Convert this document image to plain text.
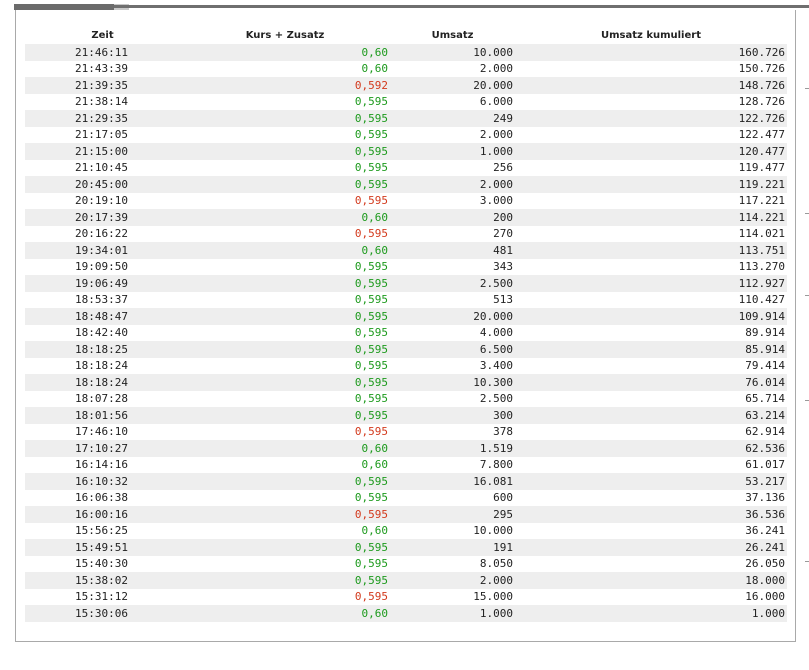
Zeit	Kurs + Zusatz	Umsatz	Umsatz kumuliert
21:46:11	0,60	10.000	160.726
21:43:39	0,60	2.000	150.726
21:39:35	0,592	20.000	148.726
21:38:14	0,595	6.000	128.726
21:29:35	0,595	249	122.726
21:17:05	0,595	2.000	122.477
21:15:00	0,595	1.000	120.477
21:10:45	0,595	256	119.477
20:45:00	0,595	2.000	119.221
20:19:10	0,595	3.000	117.221
20:17:39	0,60	200	114.221
20:16:22	0,595	270	114.021
19:34:01	0,60	481	113.751
19:09:50	0,595	343	113.270
19:06:49	0,595	2.500	112.927
18:53:37	0,595	513	110.427
18:48:47	0,595	20.000	109.914
18:42:40	0,595	4.000	89.914
18:18:25	0,595	6.500	85.914
18:18:24	0,595	3.400	79.414
18:18:24	0,595	10.300	76.014
18:07:28	0,595	2.500	65.714
18:01:56	0,595	300	63.214
17:46:10	0,595	378	62.914
17:10:27	0,60	1.519	62.536
16:14:16	0,60	7.800	61.017
16:10:32	0,595	16.081	53.217
16:06:38	0,595	600	37.136
16:00:16	0,595	295	36.536
15:56:25	0,60	10.000	36.241
15:49:51	0,595	191	26.241
15:40:30	0,595	8.050	26.050
15:38:02	0,595	2.000	18.000
15:31:12	0,595	15.000	16.000
15:30:06	0,60	1.000	1.000
